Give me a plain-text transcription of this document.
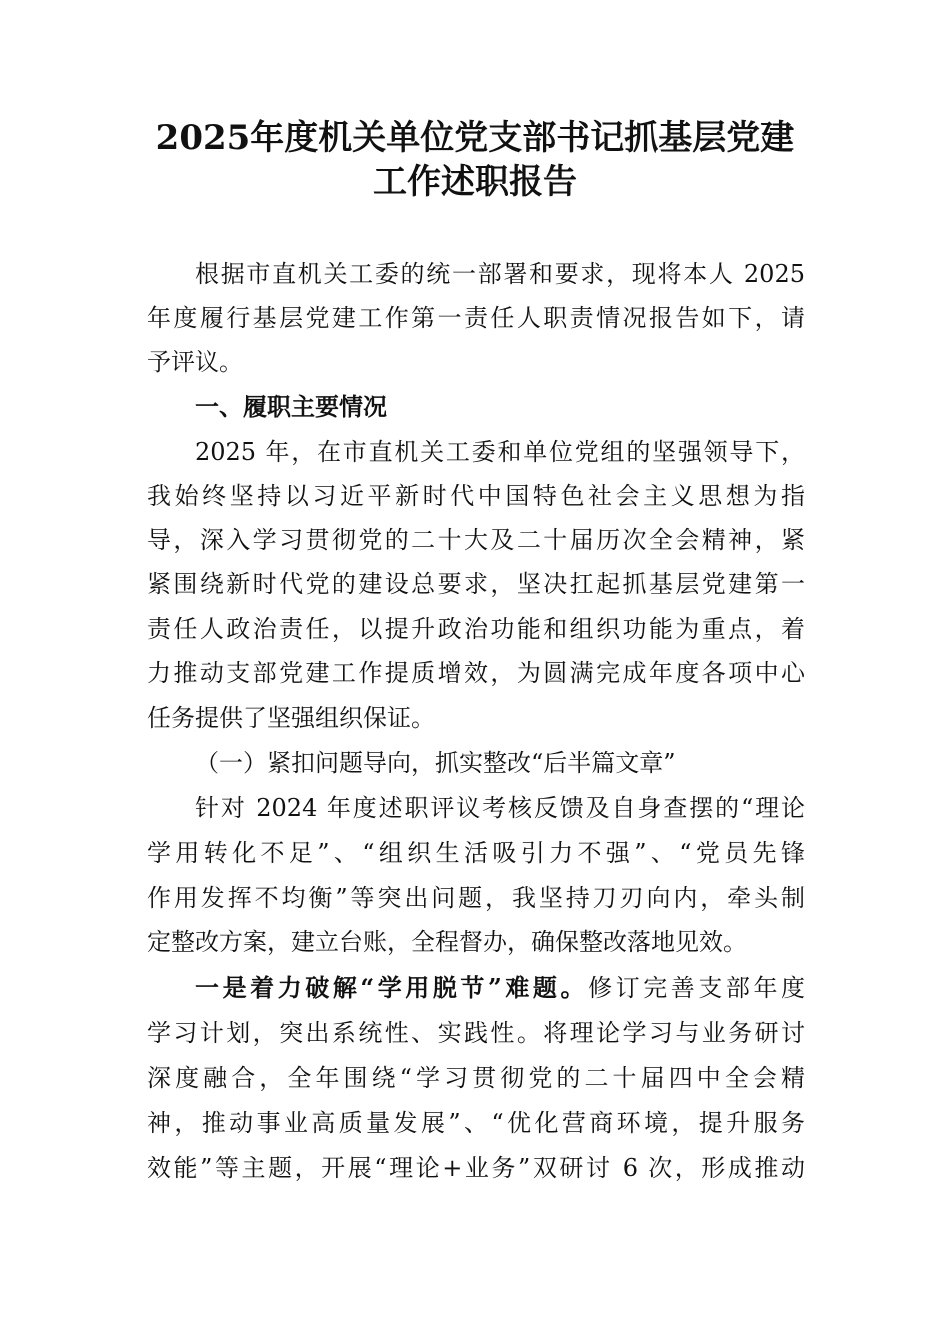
2025年度机关单位党支部书记抓基层党建
工作述职报告
根据市直机关工委的统一部署和要求，现将本人 2025
年度履行基层党建工作第一责任人职责情况报告如下，请
予评议。
一、履职主要情况
2025 年，在市直机关工委和单位党组的坚强领导下，
我始终坚持以习近平新时代中国特色社会主义思想为指
导，深入学习贯彻党的二十大及二十届历次全会精神，紧
紧围绕新时代党的建设总要求，坚决扛起抓基层党建第一
责任人政治责任，以提升政治功能和组织功能为重点，着
力推动支部党建工作提质增效，为圆满完成年度各项中心
任务提供了坚强组织保证。
（一）紧扣问题导向，抓实整改“后半篇文章”
针对 2024 年度述职评议考核反馈及自身查摆的“理论
学用转化不足”、“组织生活吸引力不强”、“党员先锋
作用发挥不均衡”等突出问题，我坚持刀刃向内，牵头制
定整改方案，建立台账，全程督办，确保整改落地见效。
一是着力破解“学用脱节”难题。修订完善支部年度
学习计划，突出系统性、实践性。将理论学习与业务研讨
深度融合，全年围绕“学习贯彻党的二十届四中全会精
神，推动事业高质量发展”、“优化营商环境，提升服务
效能”等主题，开展“理论+业务”双研讨 6 次，形成推动
